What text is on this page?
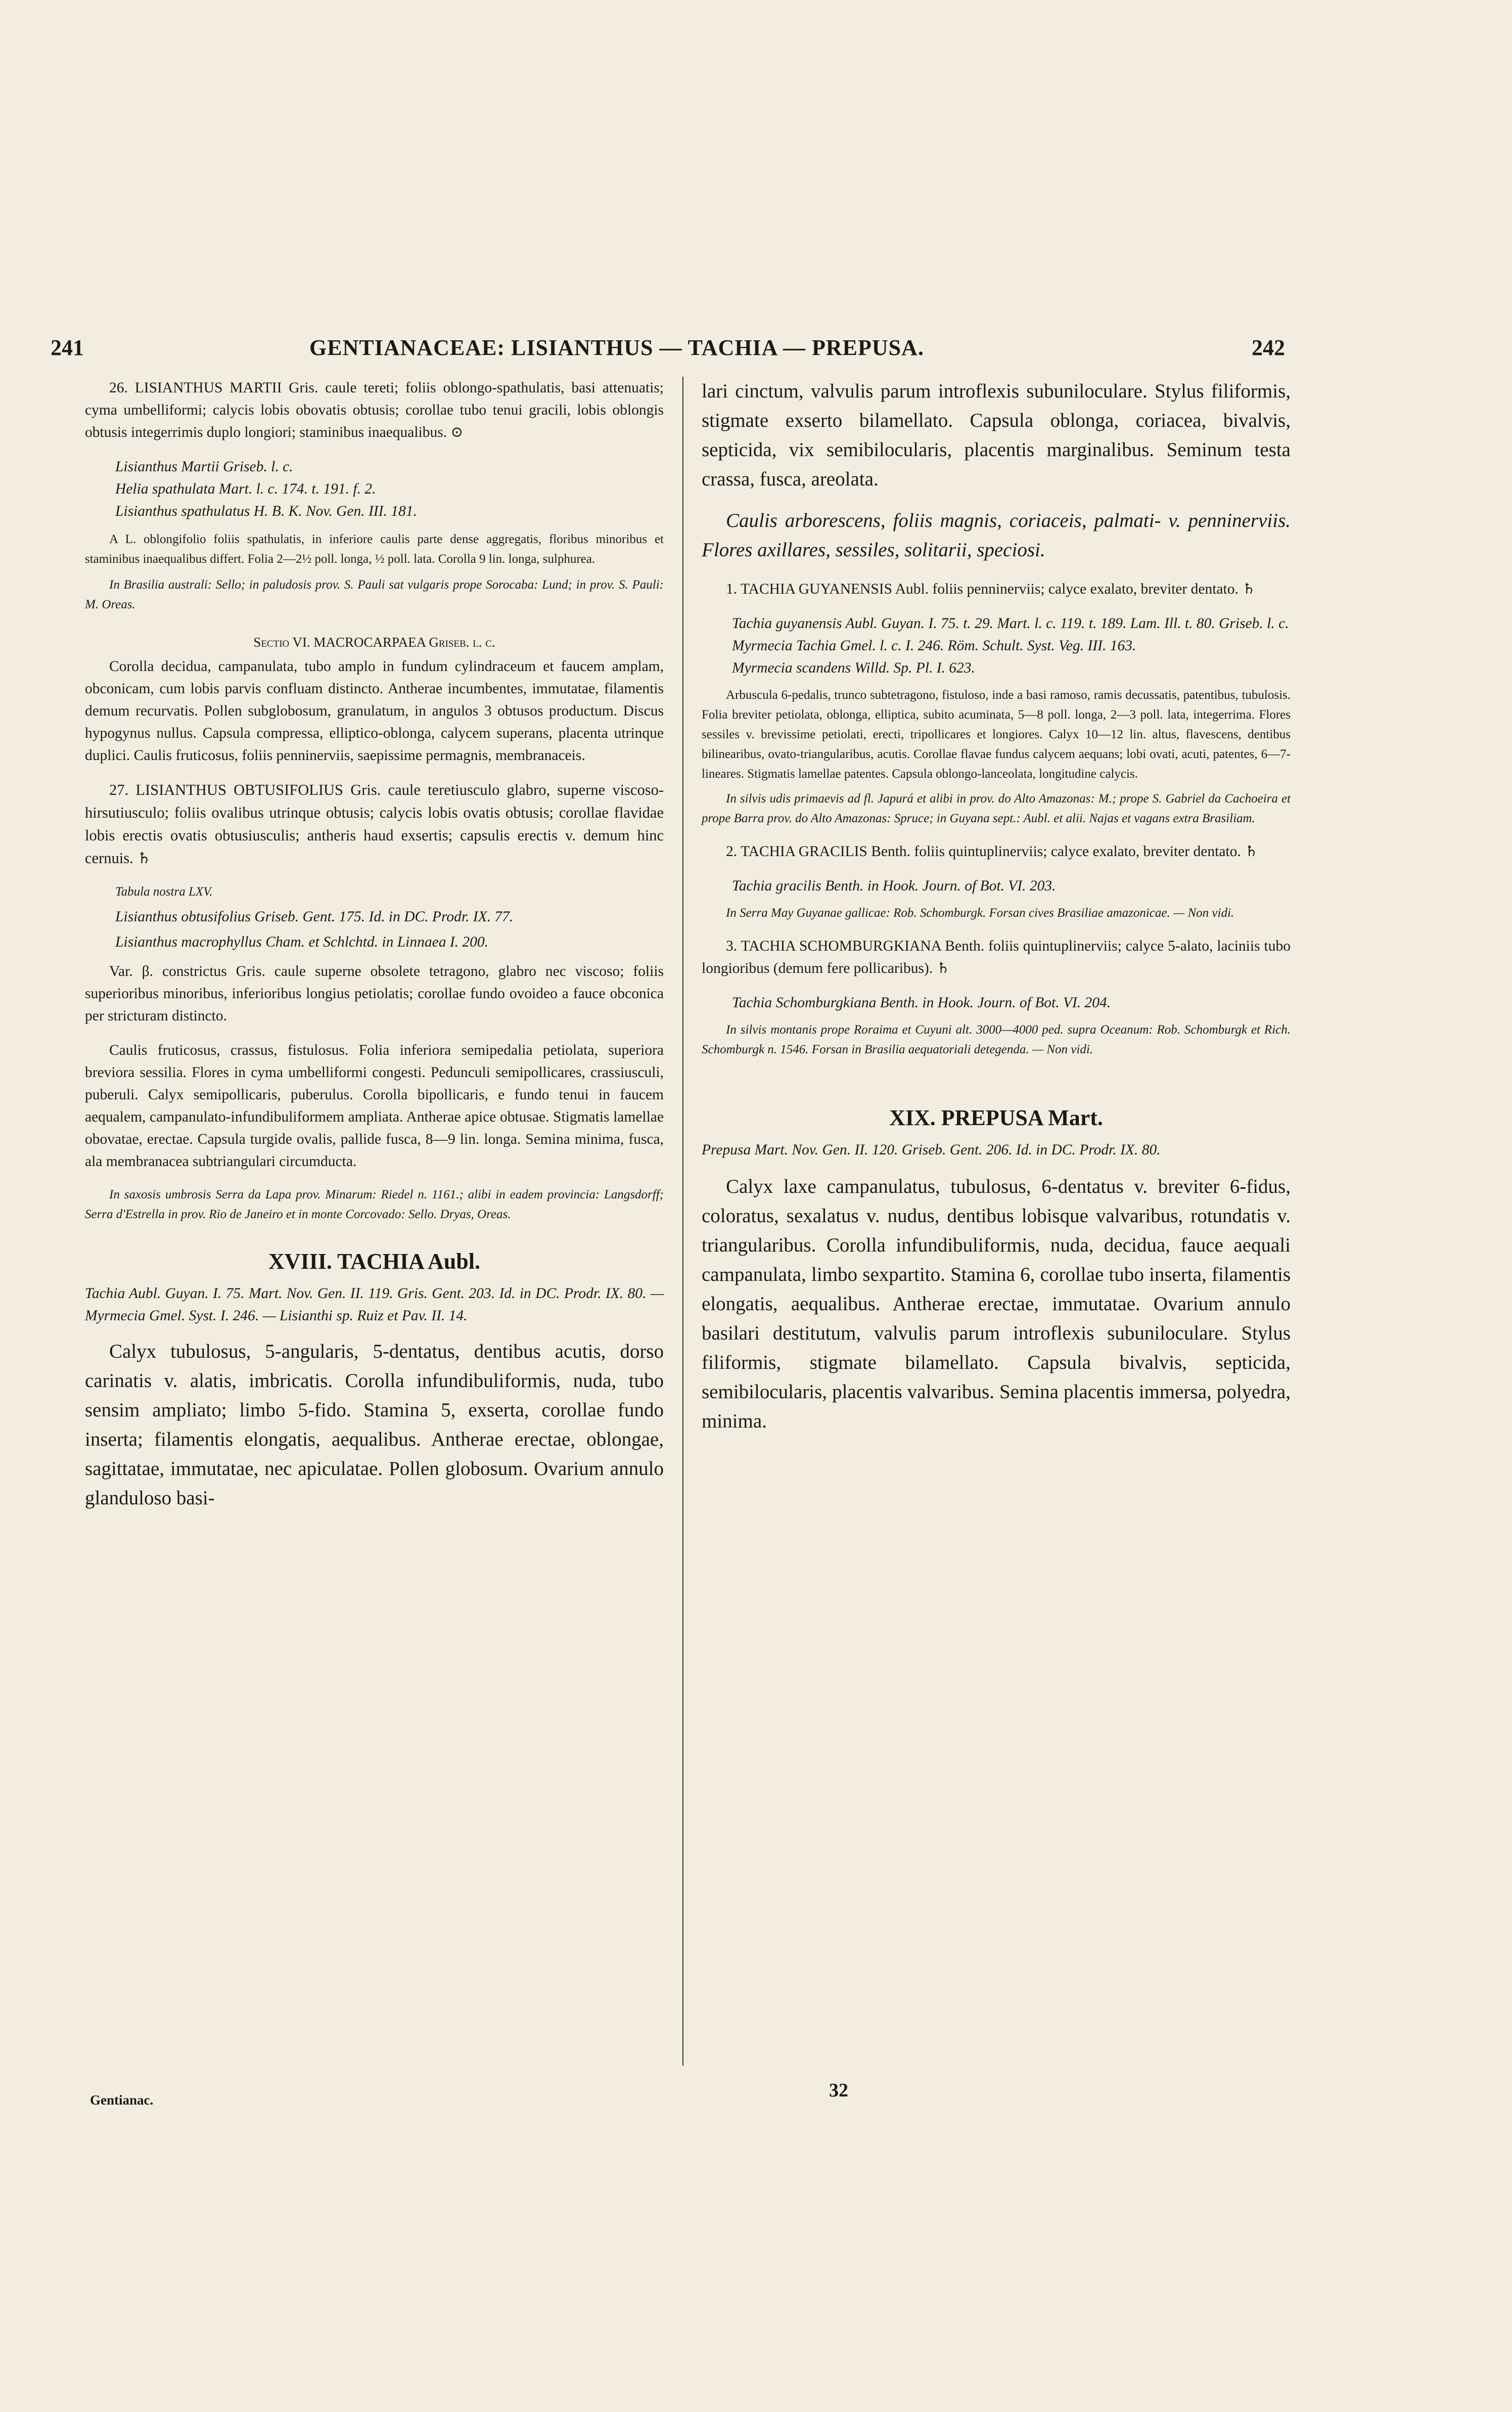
241	GENTIANACEAE: LISIANTHUS — TACHIA — PREPUSA.	242

26. LISIANTHUS MARTII Gris. caule tereti; foliis oblongo-spathulatis, basi attenuatis; cyma umbelliformi; calycis lobis obovatis obtusis; corollae tubo tenui gracili, lobis oblongis obtusis integerrimis duplo longiori; staminibus inaequalibus. ⊙

Lisianthus Martii Griseb. l. c.

Helia spathulata Mart. l. c. 174. t. 191. f. 2.

Lisianthus spathulatus H. B. K. Nov. Gen. III. 181.

A L. oblongifolio foliis spathulatis, in inferiore caulis parte dense aggregatis, floribus minoribus et staminibus inaequalibus differt. Folia 2—2½ poll. longa, ½ poll. lata. Corolla 9 lin. longa, sulphurea.

In Brasilia australi: Sello; in paludosis prov. S. Pauli sat vulgaris prope Sorocaba: Lund; in prov. S. Pauli: M. Oreas.

Sectio VI. MACROCARPAEA Griseb. l. c.

Corolla decidua, campanulata, tubo amplo in fundum cylindraceum et faucem amplam, obconicam, cum lobis parvis confluam distincto. Antherae incumbentes, immutatae, filamentis demum recurvatis. Pollen subglobosum, granulatum, in angulos 3 obtusos productum. Discus hypogynus nullus. Capsula compressa, elliptico-oblonga, calycem superans, placenta utrinque duplici. Caulis fruticosus, foliis penninerviis, saepissime permagnis, membranaceis.

27. LISIANTHUS OBTUSIFOLIUS Gris. caule teretiusculo glabro, superne viscoso-hirsutiusculo; foliis ovalibus utrinque obtusis; calycis lobis ovatis obtusis; corollae flavidae lobis erectis ovatis obtusiusculis; antheris haud exsertis; capsulis erectis v. demum hinc cernuis. ♄

Tabula nostra LXV.

Lisianthus obtusifolius Griseb. Gent. 175. Id. in DC. Prodr. IX. 77.

Lisianthus macrophyllus Cham. et Schlchtd. in Linnaea I. 200.

Var. β. constrictus Gris. caule superne obsolete tetragono, glabro nec viscoso; foliis superioribus minoribus, inferioribus longius petiolatis; corollae fundo ovoideo a fauce obconica per stricturam distincto.

Caulis fruticosus, crassus, fistulosus. Folia inferiora semipedalia petiolata, superiora breviora sessilia. Flores in cyma umbelliformi congesti. Pedunculi semipollicares, crassiusculi, puberuli. Calyx semipollicaris, puberulus. Corolla bipollicaris, e fundo tenui in faucem aequalem, campanulato-infundibuliformem ampliata. Antherae apice obtusae. Stigmatis lamellae obovatae, erectae. Capsula turgide ovalis, pallide fusca, 8—9 lin. longa. Semina minima, fusca, ala membranacea subtriangulari circumducta.

In saxosis umbrosis Serra da Lapa prov. Minarum: Riedel n. 1161.; alibi in eadem provincia: Langsdorff; Serra d'Estrella in prov. Rio de Janeiro et in monte Corcovado: Sello. Dryas, Oreas.

XVIII. TACHIA Aubl.

Tachia Aubl. Guyan. I. 75. Mart. Nov. Gen. II. 119. Gris. Gent. 203. Id. in DC. Prodr. IX. 80. — Myrmecia Gmel. Syst. I. 246. — Lisianthi sp. Ruiz et Pav. II. 14.

Calyx tubulosus, 5-angularis, 5-dentatus, dentibus acutis, dorso carinatis v. alatis, imbricatis. Corolla infundibuliformis, nuda, tubo sensim ampliato; limbo 5-fido. Stamina 5, exserta, corollae fundo inserta; filamentis elongatis, aequalibus. Antherae erectae, oblongae, sagittatae, immutatae, nec apiculatae. Pollen globosum. Ovarium annulo glanduloso basi-

lari cinctum, valvulis parum introflexis subuniloculare. Stylus filiformis, stigmate exserto bilamellato. Capsula oblonga, coriacea, bivalvis, septicida, vix semibilocularis, placentis marginalibus. Seminum testa crassa, fusca, areolata.

Caulis arborescens, foliis magnis, coriaceis, palmati- v. penninerviis. Flores axillares, sessiles, solitarii, speciosi.

1. TACHIA GUYANENSIS Aubl. foliis penninerviis; calyce exalato, breviter dentato. ♄

Tachia guyanensis Aubl. Guyan. I. 75. t. 29. Mart. l. c. 119. t. 189. Lam. Ill. t. 80. Griseb. l. c.

Myrmecia Tachia Gmel. l. c. I. 246. Röm. Schult. Syst. Veg. III. 163.

Myrmecia scandens Willd. Sp. Pl. I. 623.

Arbuscula 6-pedalis, trunco subtetragono, fistuloso, inde a basi ramoso, ramis decussatis, patentibus, tubulosis. Folia breviter petiolata, oblonga, elliptica, subito acuminata, 5—8 poll. longa, 2—3 poll. lata, integerrima. Flores sessiles v. brevissime petiolati, erecti, tripollicares et longiores. Calyx 10—12 lin. altus, flavescens, dentibus bilinearibus, ovato-triangularibus, acutis. Corollae flavae fundus calycem aequans; lobi ovati, acuti, patentes, 6—7-lineares. Stigmatis lamellae patentes. Capsula oblongo-lanceolata, longitudine calycis.

In silvis udis primaevis ad fl. Japurá et alibi in prov. do Alto Amazonas: M.; prope S. Gabriel da Cachoeira et prope Barra prov. do Alto Amazonas: Spruce; in Guyana sept.: Aubl. et alii. Najas et vagans extra Brasiliam.

2. TACHIA GRACILIS Benth. foliis quintuplinerviis; calyce exalato, breviter dentato. ♄

Tachia gracilis Benth. in Hook. Journ. of Bot. VI. 203.

In Serra May Guyanae gallicae: Rob. Schomburgk. Forsan cives Brasiliae amazonicae. — Non vidi.

3. TACHIA SCHOMBURGKIANA Benth. foliis quintuplinerviis; calyce 5-alato, laciniis tubo longioribus (demum fere pollicaribus). ♄

Tachia Schomburgkiana Benth. in Hook. Journ. of Bot. VI. 204.

In silvis montanis prope Roraima et Cuyuni alt. 3000—4000 ped. supra Oceanum: Rob. Schomburgk et Rich. Schomburgk n. 1546. Forsan in Brasilia aequatoriali detegenda. — Non vidi.

XIX. PREPUSA Mart.

Prepusa Mart. Nov. Gen. II. 120. Griseb. Gent. 206. Id. in DC. Prodr. IX. 80.

Calyx laxe campanulatus, tubulosus, 6-dentatus v. breviter 6-fidus, coloratus, sexalatus v. nudus, dentibus lobisque valvaribus, rotundatis v. triangularibus. Corolla infundibuliformis, nuda, decidua, fauce aequali campanulata, limbo sexpartito. Stamina 6, corollae tubo inserta, filamentis elongatis, aequalibus. Antherae erectae, immutatae. Ovarium annulo basilari destitutum, valvulis parum introflexis subuniloculare. Stylus filiformis, stigmate bilamellato. Capsula bivalvis, septicida, semibilocularis, placentis valvaribus. Semina placentis immersa, polyedra, minima.

Gentianac.	32
